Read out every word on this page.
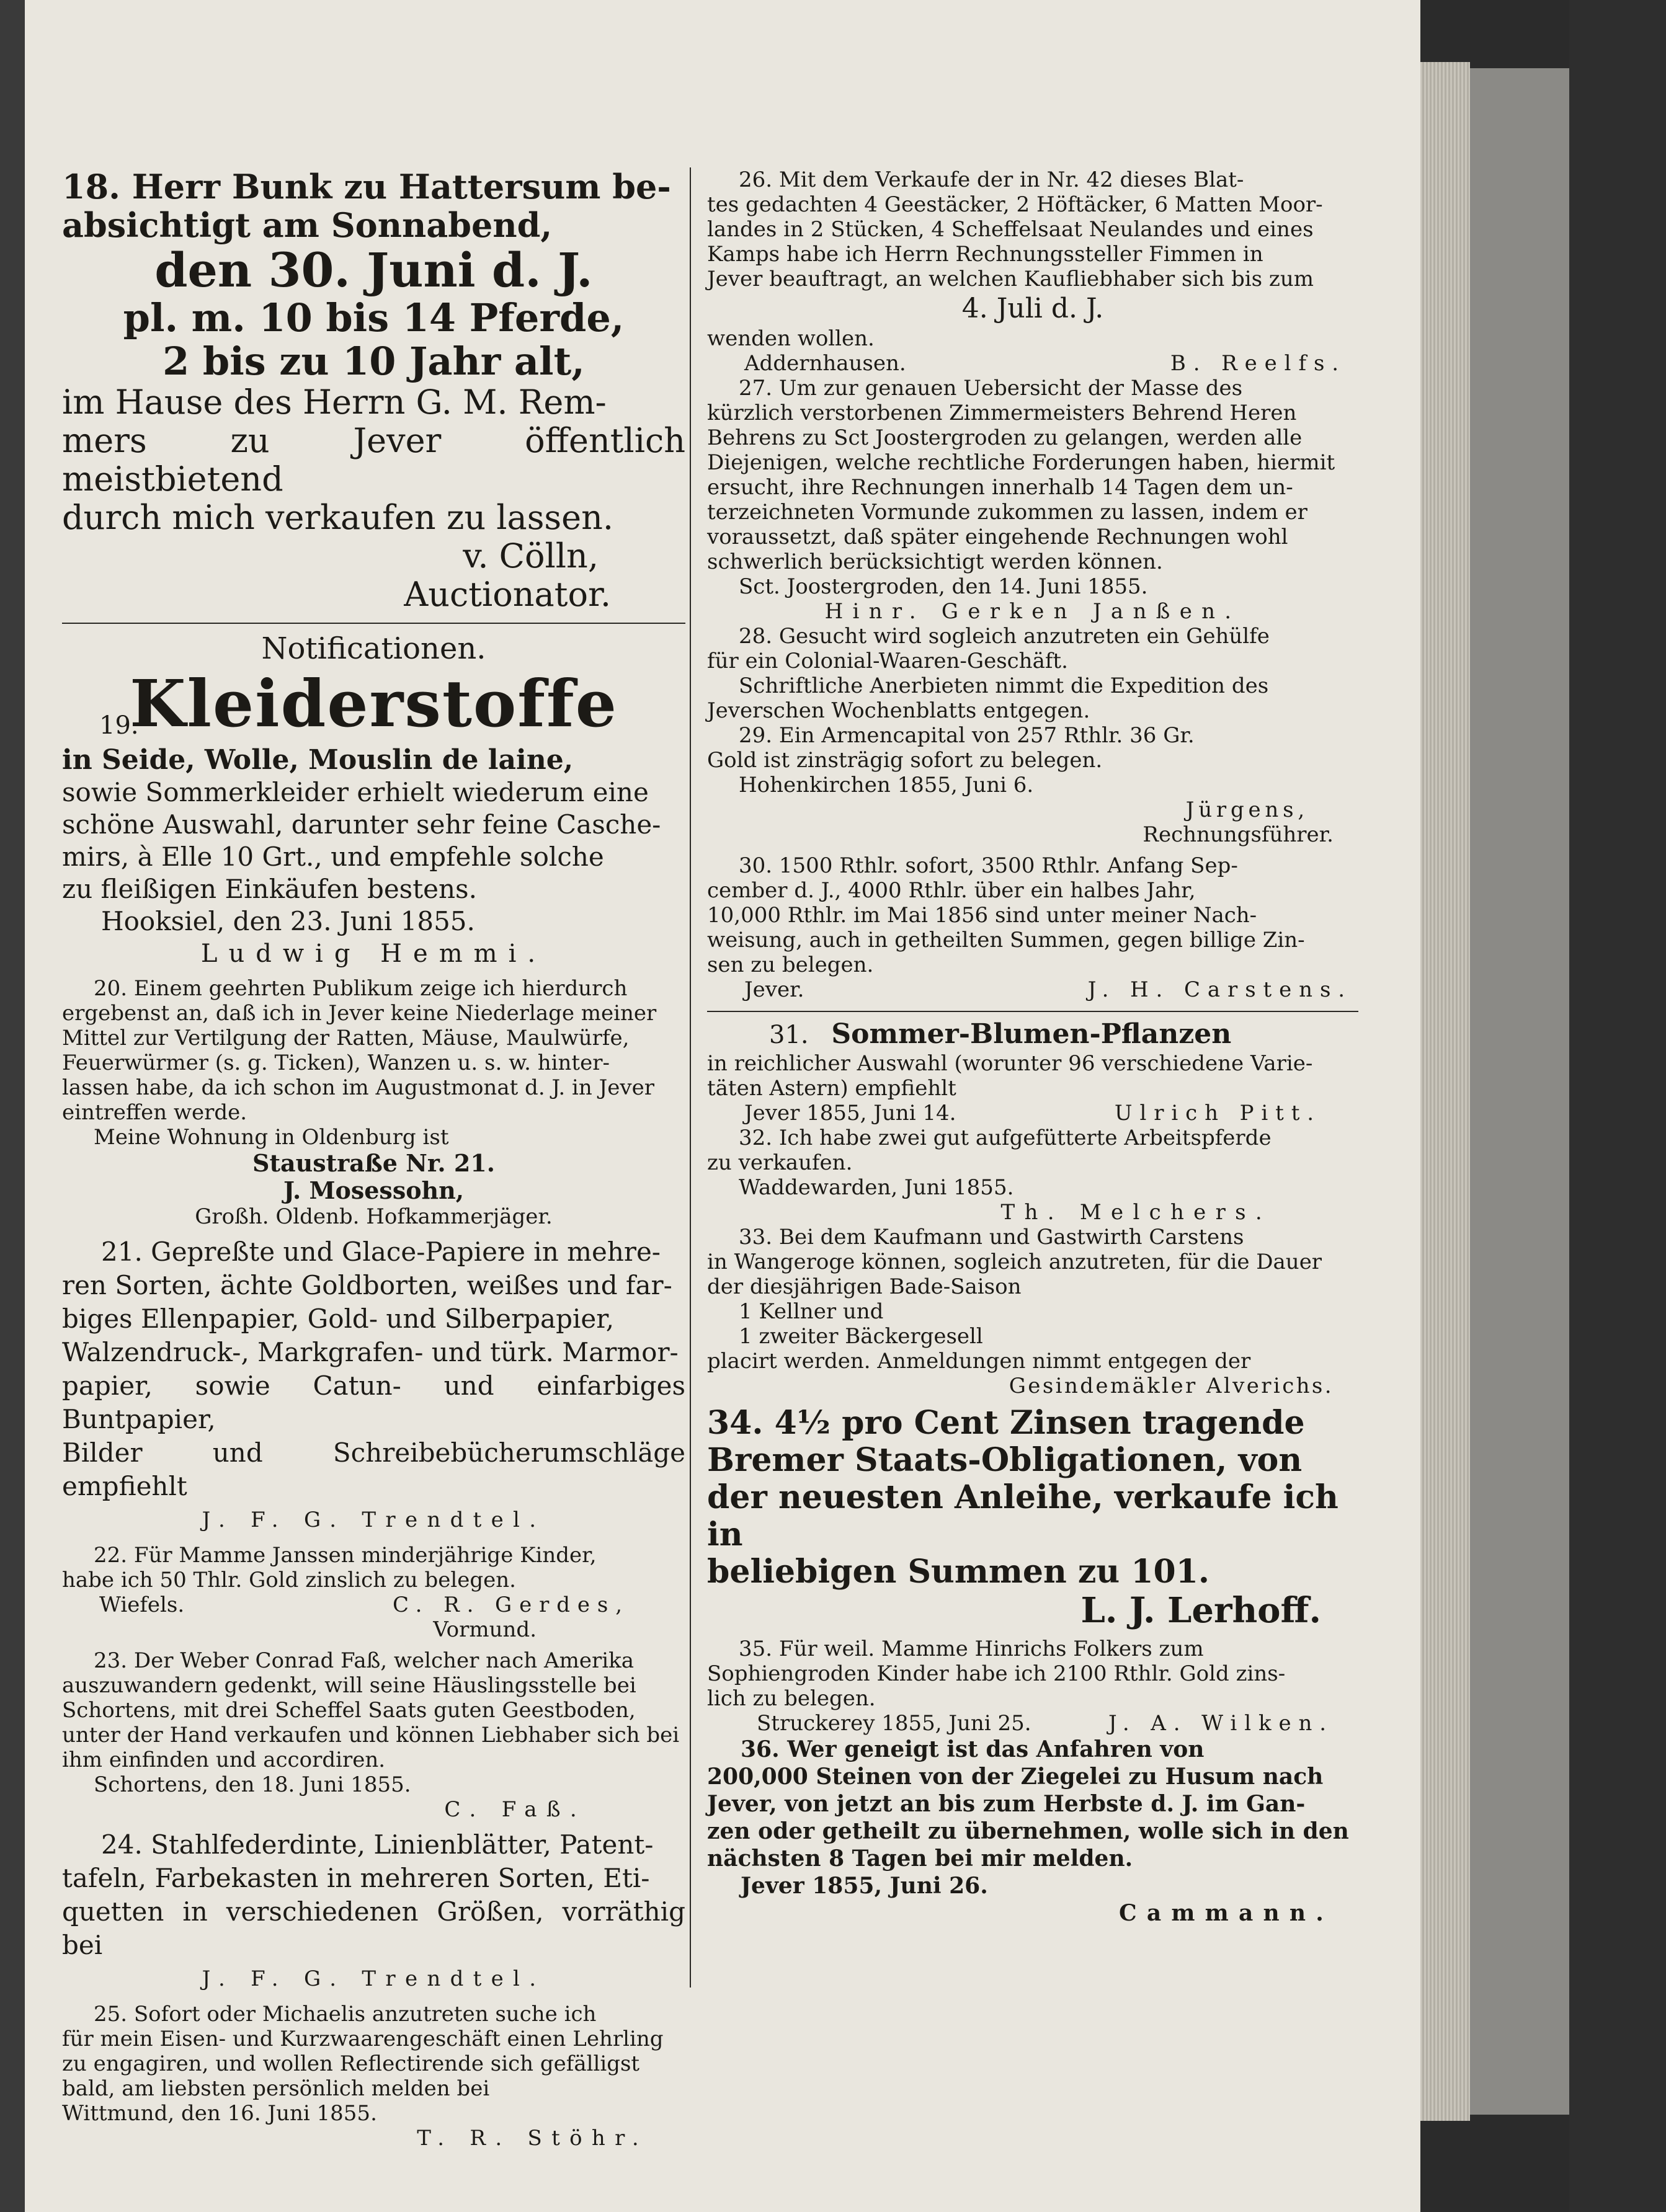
18. Herr Bunk zu Hattersum be-
absichtigt am Sonnabend,
den 30. Juni d. J.
pl. m. 10 bis 14 Pferde,
2 bis zu 10 Jahr alt,
im Hause des Herrn G. M. Rem-
mers zu Jever öffentlich meistbietend
durch mich verkaufen zu lassen.
v. Cölln,
Auctionator.
Notificationen.
19.
Kleiderstoffe
in Seide, Wolle, Mouslin de laine,
sowie Sommerkleider erhielt wiederum eine
schöne Auswahl, darunter sehr feine Casche-
mirs, à Elle 10 Grt., und empfehle solche
zu fleißigen Einkäufen bestens.
Hooksiel, den 23. Juni 1855.
Ludwig Hemmi.
20. Einem geehrten Publikum zeige ich hierdurch
ergebenst an, daß ich in Jever keine Niederlage meiner
Mittel zur Vertilgung der Ratten, Mäuse, Maulwürfe,
Feuerwürmer (s. g. Ticken), Wanzen u. s. w. hinter-
lassen habe, da ich schon im Augustmonat d. J. in Jever
eintreffen werde.
Meine Wohnung in Oldenburg ist
Staustraße Nr. 21.
J. Mosessohn,
Großh. Oldenb. Hofkammerjäger.
21. Gepreßte und Glace-Papiere in mehre-
ren Sorten, ächte Goldborten, weißes und far-
biges Ellenpapier, Gold- und Silberpapier,
Walzendruck-, Markgrafen- und türk. Marmor-
papier, sowie Catun- und einfarbiges Buntpapier,
Bilder und Schreibebücherumschläge empfiehlt
J. F. G. Trendtel.
22. Für Mamme Janssen minderjährige Kinder,
habe ich 50 Thlr. Gold zinslich zu belegen.
Wiefels.	C. R. Gerdes,
Vormund.
23. Der Weber Conrad Faß, welcher nach Amerika
auszuwandern gedenkt, will seine Häuslingsstelle bei
Schortens, mit drei Scheffel Saats guten Geestboden,
unter der Hand verkaufen und können Liebhaber sich bei
ihm einfinden und accordiren.
Schortens, den 18. Juni 1855.
C. Faß.
24. Stahlfederdinte, Linienblätter, Patent-
tafeln, Farbekasten in mehreren Sorten, Eti-
quetten in verschiedenen Größen, vorräthig bei
J. F. G. Trendtel.
25. Sofort oder Michaelis anzutreten suche ich
für mein Eisen- und Kurzwaarengeschäft einen Lehrling
zu engagiren, und wollen Reflectirende sich gefälligst
bald, am liebsten persönlich melden bei
Wittmund, den 16. Juni 1855.
T. R. Stöhr.
26. Mit dem Verkaufe der in Nr. 42 dieses Blat-
tes gedachten 4 Geestäcker, 2 Höftäcker, 6 Matten Moor-
landes in 2 Stücken, 4 Scheffelsaat Neulandes und eines
Kamps habe ich Herrn Rechnungssteller Fimmen in
Jever beauftragt, an welchen Kaufliebhaber sich bis zum
4. Juli d. J.
wenden wollen.
Addernhausen.	B. Reelfs.
27. Um zur genauen Uebersicht der Masse des
kürzlich verstorbenen Zimmermeisters Behrend Heren
Behrens zu Sct Joostergroden zu gelangen, werden alle
Diejenigen, welche rechtliche Forderungen haben, hiermit
ersucht, ihre Rechnungen innerhalb 14 Tagen dem un-
terzeichneten Vormunde zukommen zu lassen, indem er
voraussetzt, daß später eingehende Rechnungen wohl
schwerlich berücksichtigt werden können.
Sct. Joostergroden, den 14. Juni 1855.
Hinr. Gerken Janßen.
28. Gesucht wird sogleich anzutreten ein Gehülfe
für ein Colonial-Waaren-Geschäft.
Schriftliche Anerbieten nimmt die Expedition des
Jeverschen Wochenblatts entgegen.
29. Ein Armencapital von 257 Rthlr. 36 Gr.
Gold ist zinsträgig sofort zu belegen.
Hohenkirchen 1855, Juni 6.
Jürgens,
Rechnungsführer.
30. 1500 Rthlr. sofort, 3500 Rthlr. Anfang Sep-
cember d. J., 4000 Rthlr. über ein halbes Jahr,
10,000 Rthlr. im Mai 1856 sind unter meiner Nach-
weisung, auch in getheilten Summen, gegen billige Zin-
sen zu belegen.
Jever.	J. H. Carstens.
31. Sommer-Blumen-Pflanzen
in reichlicher Auswahl (worunter 96 verschiedene Varie-
täten Astern) empfiehlt
Jever 1855, Juni 14.	Ulrich Pitt.
32. Ich habe zwei gut aufgefütterte Arbeitspferde
zu verkaufen.
Waddewarden, Juni 1855.
Th. Melchers.
33. Bei dem Kaufmann und Gastwirth Carstens
in Wangeroge können, sogleich anzutreten, für die Dauer
der diesjährigen Bade-Saison
1 Kellner und
1 zweiter Bäckergesell
placirt werden. Anmeldungen nimmt entgegen der
Gesindemäkler Alverichs.
34. 4½ pro Cent Zinsen tragende
Bremer Staats-Obligationen, von
der neuesten Anleihe, verkaufe ich in
beliebigen Summen zu 101.
L. J. Lerhoff.
35. Für weil. Mamme Hinrichs Folkers zum
Sophiengroden Kinder habe ich 2100 Rthlr. Gold zins-
lich zu belegen.
Struckerey 1855, Juni 25.	J. A. Wilken.
36. Wer geneigt ist das Anfahren von
200,000 Steinen von der Ziegelei zu Husum nach
Jever, von jetzt an bis zum Herbste d. J. im Gan-
zen oder getheilt zu übernehmen, wolle sich in den
nächsten 8 Tagen bei mir melden.
Jever 1855, Juni 26.
Cammann.
